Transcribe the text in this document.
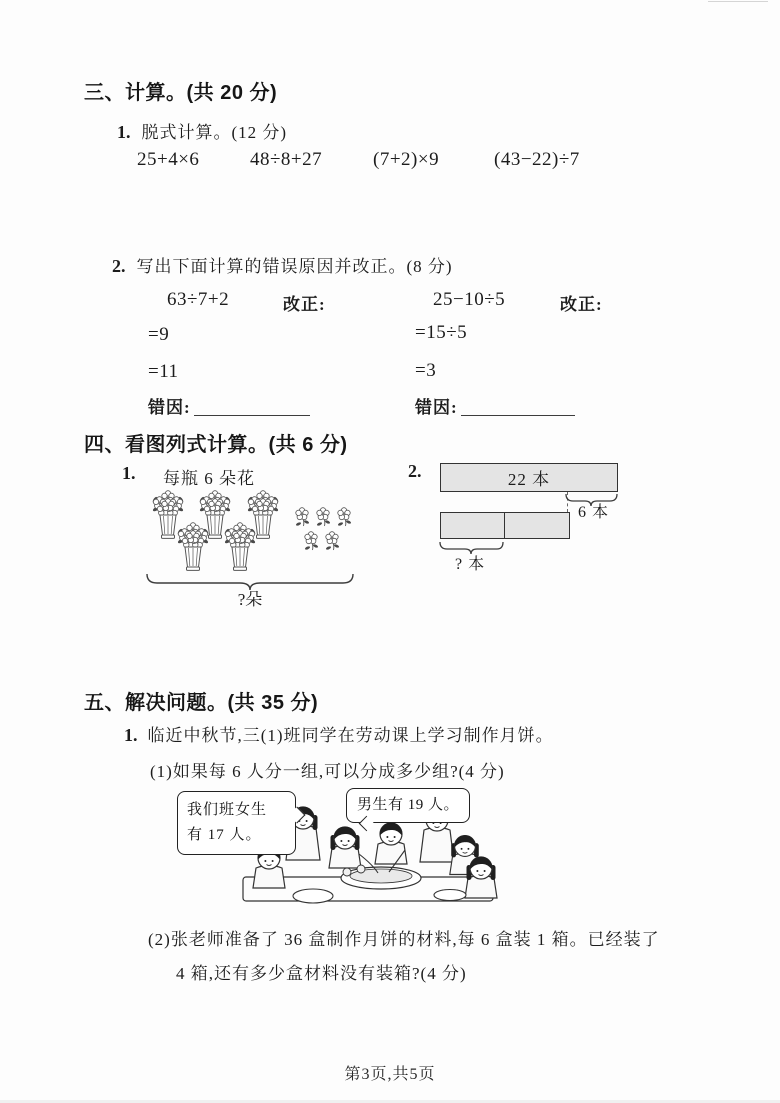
三、计算。(共 20 分)
1. 脱式计算。(12 分)
25+4×6	48÷8+27	(7+2)×9	(43−22)÷7
2. 写出下面计算的错误原因并改正。(8 分)
63÷7+2	改正:	25−10÷5	改正:
=9	=15÷5
=11	=3
错因:	错因:
四、看图列式计算。(共 6 分)
1. 每瓶 6 朵花
?朵
2.	22 本
6 本
? 本
五、解决问题。(共 35 分)
1. 临近中秋节,三(1)班同学在劳动课上学习制作月饼。
(1)如果每 6 人分一组,可以分成多少组?(4 分)
我们班女生
有 17 人。
男生有 19 人。
(2)张老师准备了 36 盒制作月饼的材料,每 6 盒装 1 箱。已经装了
4 箱,还有多少盒材料没有装箱?(4 分)
第3页,共5页
